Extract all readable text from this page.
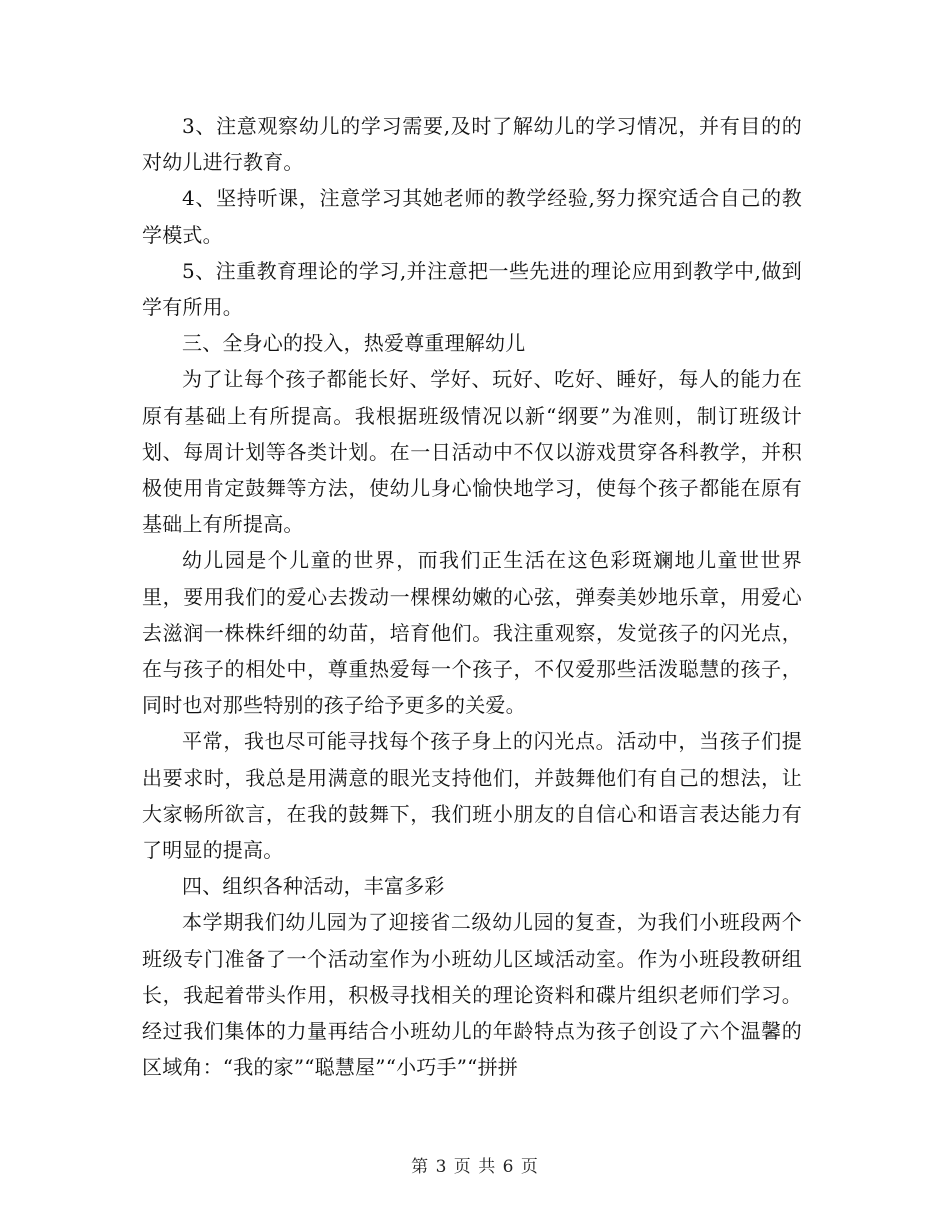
3、注意观察幼儿的学习需要,及时了解幼儿的学习情况，并有目的的对幼儿进行教育。

4、坚持听课，注意学习其她老师的教学经验,努力探究适合自己的教学模式。

5、注重教育理论的学习,并注意把一些先进的理论应用到教学中,做到学有所用。

三、全身心的投入，热爱尊重理解幼儿

为了让每个孩子都能长好、学好、玩好、吃好、睡好，每人的能力在原有基础上有所提高。我根据班级情况以新“纲要”为准则，制订班级计划、每周计划等各类计划。在一日活动中不仅以游戏贯穿各科教学，并积极使用肯定鼓舞等方法，使幼儿身心愉快地学习，使每个孩子都能在原有基础上有所提高。

幼儿园是个儿童的世界，而我们正生活在这色彩斑斓地儿童世世界里，要用我们的爱心去拨动一棵棵幼嫩的心弦，弹奏美妙地乐章，用爱心去滋润一株株纤细的幼苗，培育他们。我注重观察，发觉孩子的闪光点，在与孩子的相处中，尊重热爱每一个孩子，不仅爱那些活泼聪慧的孩子，同时也对那些特别的孩子给予更多的关爱。

平常，我也尽可能寻找每个孩子身上的闪光点。活动中，当孩子们提出要求时，我总是用满意的眼光支持他们，并鼓舞他们有自己的想法，让大家畅所欲言，在我的鼓舞下，我们班小朋友的自信心和语言表达能力有了明显的提高。

四、组织各种活动，丰富多彩

本学期我们幼儿园为了迎接省二级幼儿园的复查，为我们小班段两个班级专门准备了一个活动室作为小班幼儿区域活动室。作为小班段教研组长，我起着带头作用，积极寻找相关的理论资料和碟片组织老师们学习。经过我们集体的力量再结合小班幼儿的年龄特点为孩子创设了六个温馨的区域角：“我的家”“聪慧屋”“小巧手”“拼拼

第 3 页 共 6 页
